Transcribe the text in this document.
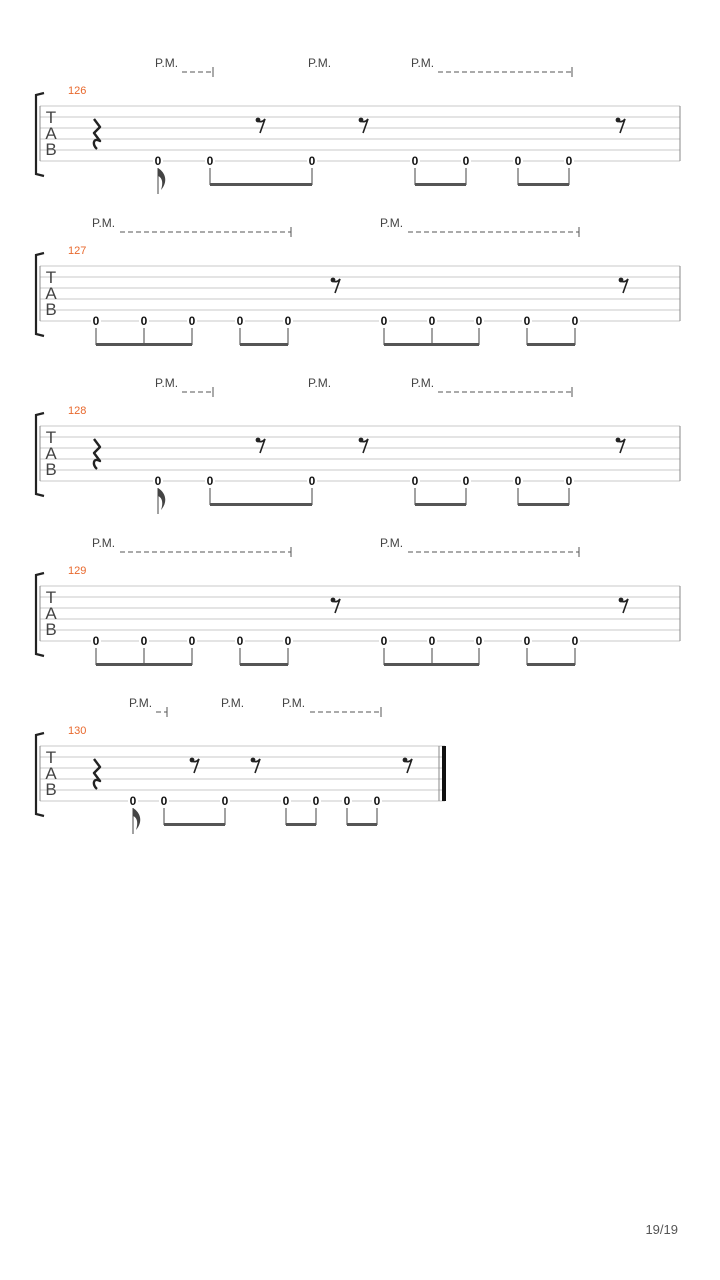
T
A
B
126
P.M.	P.M.	P.M.
0	0	0	0	0	0	0
T
A
B
127
P.M.	P.M.
0	0	0	0	0	0	0	0	0	0
T
A
B
128
P.M.	P.M.	P.M.
0	0	0	0	0	0	0
T
A
B
129
P.M.	P.M.
0	0	0	0	0	0	0	0	0	0
T
A
B
130
P.M.	P.M.	P.M.
0 0	0	0 0 0 0
19/19
